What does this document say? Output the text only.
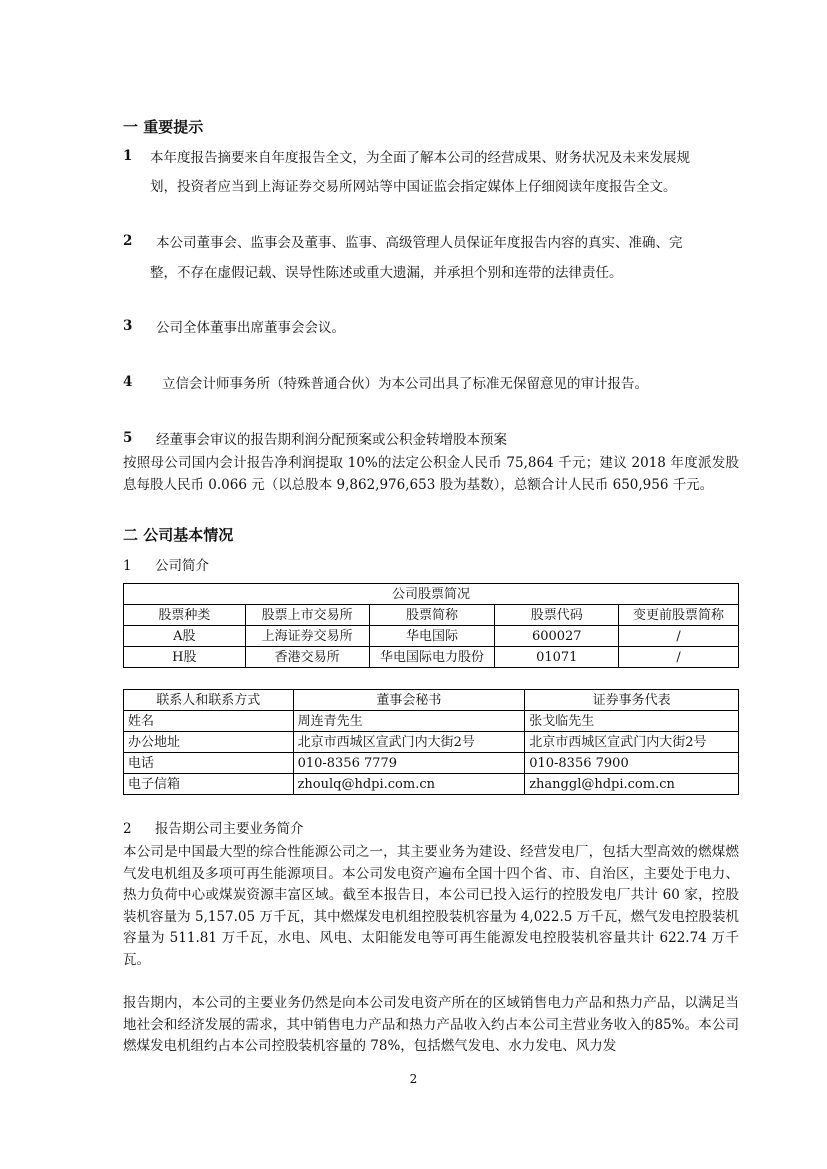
一 重要提示
1 本年度报告摘要来自年度报告全文，为全面了解本公司的经营成果、财务状况及未来发展规
划，投资者应当到上海证券交易所网站等中国证监会指定媒体上仔细阅读年度报告全文。
2 本公司董事会、监事会及董事、监事、高级管理人员保证年度报告内容的真实、准确、完
整，不存在虚假记载、误导性陈述或重大遗漏，并承担个别和连带的法律责任。
3 公司全体董事出席董事会会议。
4 立信会计师事务所（特殊普通合伙）为本公司出具了标准无保留意见的审计报告。
5 经董事会审议的报告期利润分配预案或公积金转增股本预案
按照母公司国内会计报告净利润提取 10%的法定公积金人民币 75,864 千元；建议 2018 年度派发股息每股人民币 0.066 元（以总股本 9,862,976,653 股为基数），总额合计人民币 650,956 千元。
二 公司基本情况
1 公司简介
公司股票简况				
股票种类	股票上市交易所	股票简称	股票代码	变更前股票简称
A股	上海证券交易所	华电国际	600027	/
H股	香港交易所	华电国际电力股份	01071	/
联系人和联系方式	董事会秘书	证券事务代表
姓名	周连青先生	张戈临先生
办公地址	北京市西城区宣武门内大街2号	北京市西城区宣武门内大街2号
电话	010-8356 7779	010-8356 7900
电子信箱	zhoulq@hdpi.com.cn	zhanggl@hdpi.com.cn
2 报告期公司主要业务简介
本公司是中国最大型的综合性能源公司之一，其主要业务为建设、经营发电厂，包括大型高效的燃煤燃气发电机组及多项可再生能源项目。本公司发电资产遍布全国十四个省、市、自治区，主要处于电力、热力负荷中心或煤炭资源丰富区域。截至本报告日，本公司已投入运行的控股发电厂共计 60 家，控股装机容量为 5,157.05 万千瓦，其中燃煤发电机组控股装机容量为 4,022.5 万千瓦，燃气发电控股装机容量为 511.81 万千瓦，水电、风电、太阳能发电等可再生能源发电控股装机容量共计 622.74 万千瓦。
报告期内，本公司的主要业务仍然是向本公司发电资产所在的区域销售电力产品和热力产品，以满足当地社会和经济发展的需求，其中销售电力产品和热力产品收入约占本公司主营业务收入的85%。本公司燃煤发电机组约占本公司控股装机容量的 78%，包括燃气发电、水力发电、风力发
2
